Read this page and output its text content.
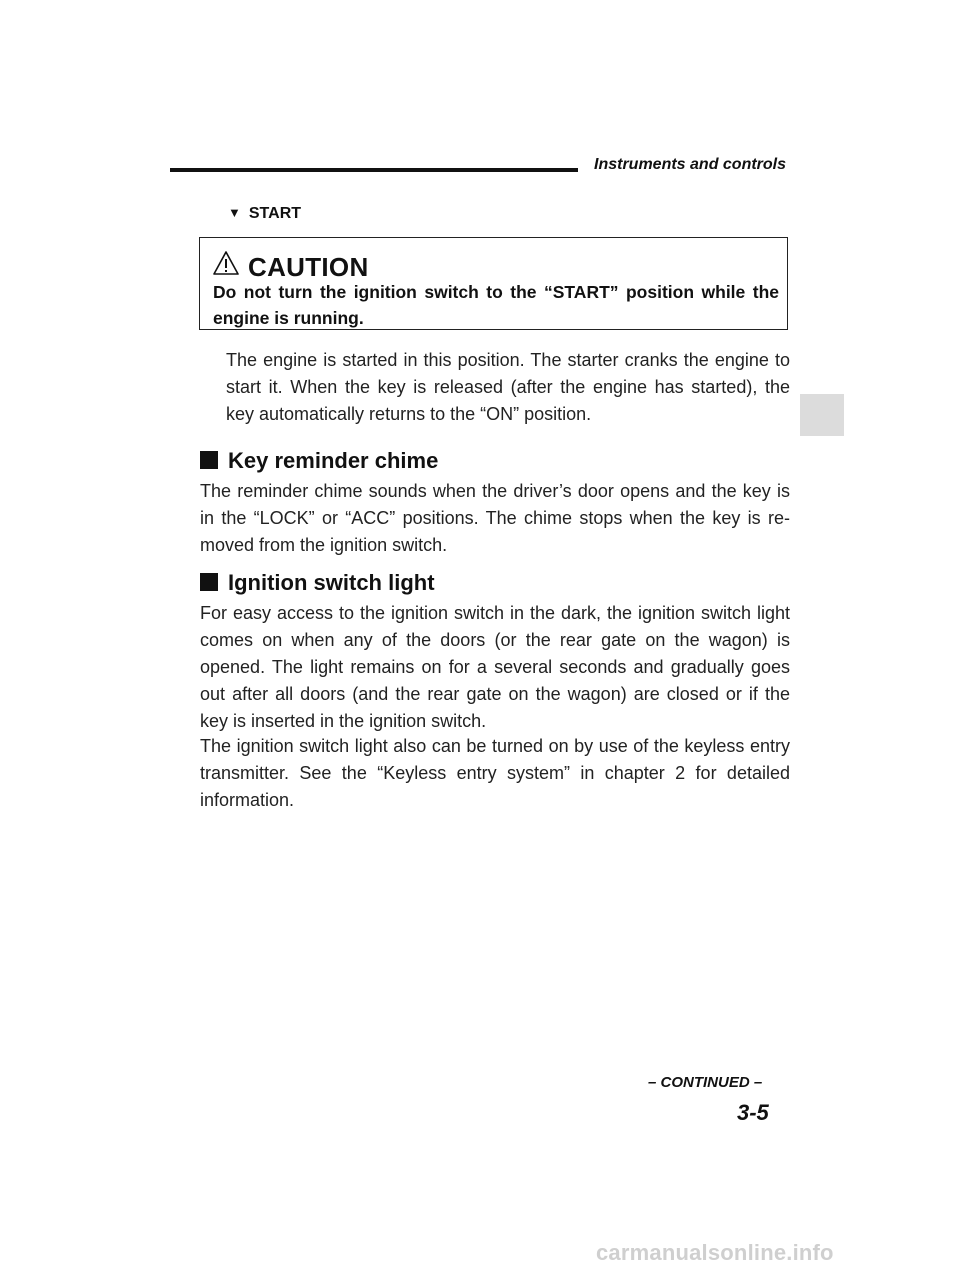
Instruments and controls
▼ START
CAUTION
Do not turn the ignition switch to the “START” position while the engine is running.
The engine is started in this position. The starter cranks the engine to start it. When the key is released (after the engine has started), the key automatically returns to the “ON” position.
Key reminder chime
The reminder chime sounds when the driver’s door opens and the key is in the “LOCK” or “ACC” positions. The chime stops when the key is re-moved from the ignition switch.
Ignition switch light
For easy access to the ignition switch in the dark, the ignition switch light comes on when any of the doors (or the rear gate on the wagon) is opened. The light remains on for a several seconds and gradually goes out after all doors (and the rear gate on the wagon) are closed or if the key is inserted in the ignition switch.
The ignition switch light also can be turned on by use of the keyless entry transmitter. See the “Keyless entry system” in chapter 2 for detailed information.
– CONTINUED –
3-5
carmanualsonline.info
